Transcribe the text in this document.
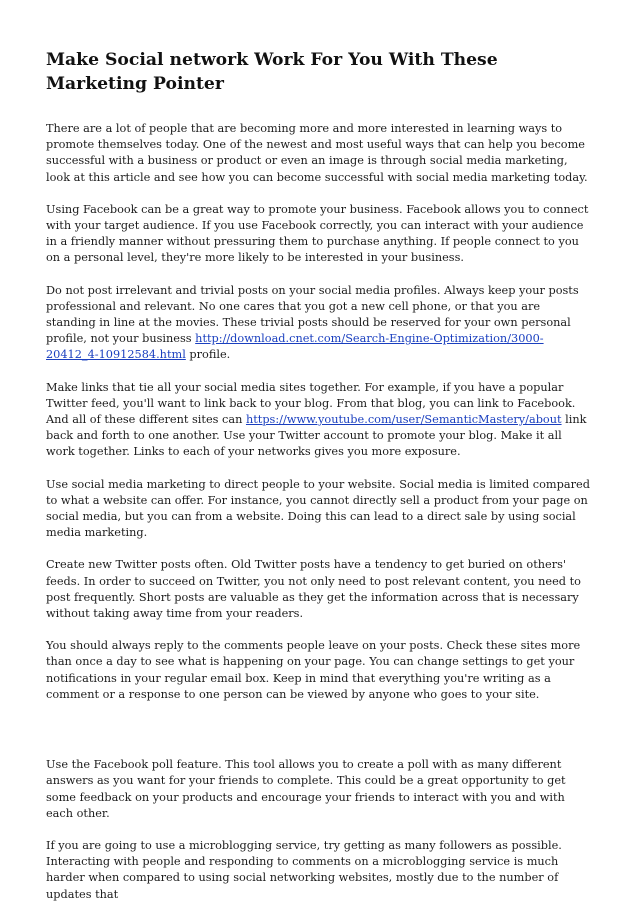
Make Social network Work For You With These Marketing Pointer

There are a lot of people that are becoming more and more interested in learning ways to promote themselves today. One of the newest and most useful ways that can help you become successful with a business or product or even an image is through social media marketing, look at this article and see how you can become successful with social media marketing today.

Using Facebook can be a great way to promote your business. Facebook allows you to connect with your target audience. If you use Facebook correctly, you can interact with your audience in a friendly manner without pressuring them to purchase anything. If people connect to you on a personal level, they're more likely to be interested in your business.

Do not post irrelevant and trivial posts on your social media profiles. Always keep your posts professional and relevant. No one cares that you got a new cell phone, or that you are standing in line at the movies. These trivial posts should be reserved for your own personal profile, not your business http://download.cnet.com/Search-Engine-Optimization/3000-20412_4-10912584.html profile.

Make links that tie all your social media sites together. For example, if you have a popular Twitter feed, you'll want to link back to your blog. From that blog, you can link to Facebook. And all of these different sites can https://www.youtube.com/user/SemanticMastery/about link back and forth to one another. Use your Twitter account to promote your blog. Make it all work together. Links to each of your networks gives you more exposure.

Use social media marketing to direct people to your website. Social media is limited compared to what a website can offer. For instance, you cannot directly sell a product from your page on social media, but you can from a website. Doing this can lead to a direct sale by using social media marketing.

Create new Twitter posts often. Old Twitter posts have a tendency to get buried on others' feeds. In order to succeed on Twitter, you not only need to post relevant content, you need to post frequently. Short posts are valuable as they get the information across that is necessary without taking away time from your readers.

You should always reply to the comments people leave on your posts. Check these sites more than once a day to see what is happening on your page. You can change settings to get your notifications in your regular email box. Keep in mind that everything you're writing as a comment or a response to one person can be viewed by anyone who goes to your site.

Use the Facebook poll feature. This tool allows you to create a poll with as many different answers as you want for your friends to complete. This could be a great opportunity to get some feedback on your products and encourage your friends to interact with you and with each other.

If you are going to use a microblogging service, try getting as many followers as possible. Interacting with people and responding to comments on a microblogging service is much harder when compared to using social networking websites, mostly due to the number of updates that
